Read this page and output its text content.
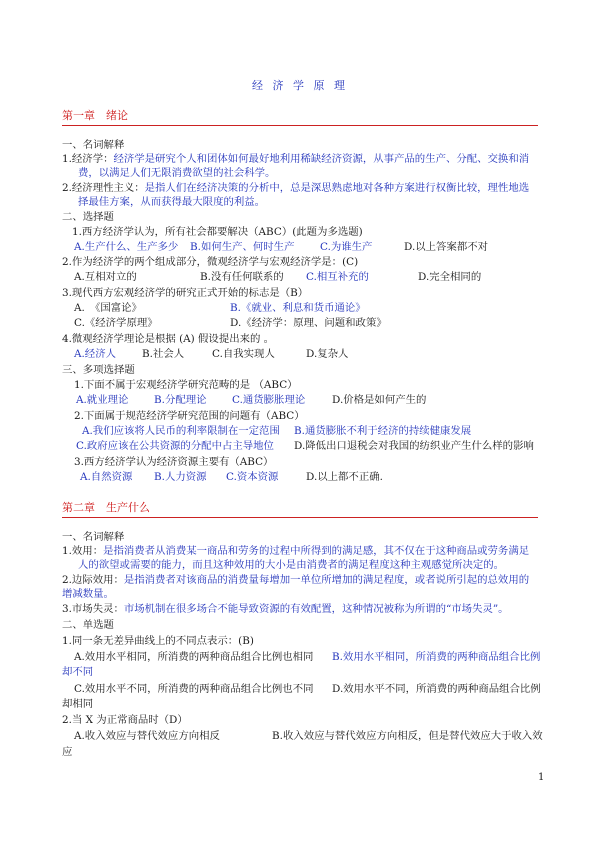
经 济 学 原 理
第一章　绪论
一、名词解释
1.经济学：经济学是研究个人和团体如何最好地利用稀缺经济资源，从事产品的生产、分配、交换和消
费，以满足人们无限消费欲望的社会科学。
2.经济理性主义：是指人们在经济决策的分析中，总是深思熟虑地对各种方案进行权衡比较，理性地选
择最佳方案，从而获得最大限度的利益。
二、选择题
1.西方经济学认为，所有社会都要解决（ABC）(此题为多选题)
A.生产什么、生产多少 B.如何生产、何时生产 C.为谁生产	D.以上答案都不对
2.作为经济学的两个组成部分，微观经济学与宏观经济学是：(C)
A.互相对立的	B.没有任何联系的 C.相互补充的	D.完全相同的
3.现代西方宏观经济学的研究正式开始的标志是（B）
A.　《国富论》	B.《就业、利息和货币通论》
C.《经济学原理》	D.《经济学：原理、问题和政策》
4.微观经济学理论是根据 (A) 假设提出来的 。
A.经济人	B.社会人	C.自我实现人	D.复杂人
三、多项选择题
1.下面不属于宏观经济学研究范畴的是 （ABC）
A.就业理论 B.分配理论 C.通货膨胀理论	D.价格是如何产生的
2.下面属于规范经济学研究范围的问题有（ABC）
A.我们应该将人民币的利率限制在一定范围 B.通货膨胀不利于经济的持续健康发展
C.政府应该在公共资源的分配中占主导地位 D.降低出口退税会对我国的纺织业产生什么样的影响
3.西方经济学认为经济资源主要有（ABC）
A.自然资源 B.人力资源 C.资本资源	D.以上都不正确.
第二章　生产什么
一、名词解释
1.效用：是指消费者从消费某一商品和劳务的过程中所得到的满足感，其不仅在于这种商品或劳务满足
人的欲望或需要的能力，而且这种效用的大小是由消费者的满足程度这种主观感觉所决定的。
2.边际效用：是指消费者对该商品的消费量每增加一单位所增加的满足程度，或者说所引起的总效用的
增减数量。
3.市场失灵：市场机制在很多场合不能导致资源的有效配置，这种情况被称为所谓的“市场失灵”。
二、单选题
1.同一条无差异曲线上的不同点表示：(B)
A.效用水平相同，所消费的两种商品组合比例也相同 B.效用水平相同，所消费的两种商品组合比例
却不同
C.效用水平不同，所消费的两种商品组合比例也不同 D.效用水平不同，所消费的两种商品组合比例
却相同
2.当 X 为正常商品时（D）
A.收入效应与替代效应方向相反	B.收入效应与替代效应方向相反，但是替代效应大于收入效
应
1
